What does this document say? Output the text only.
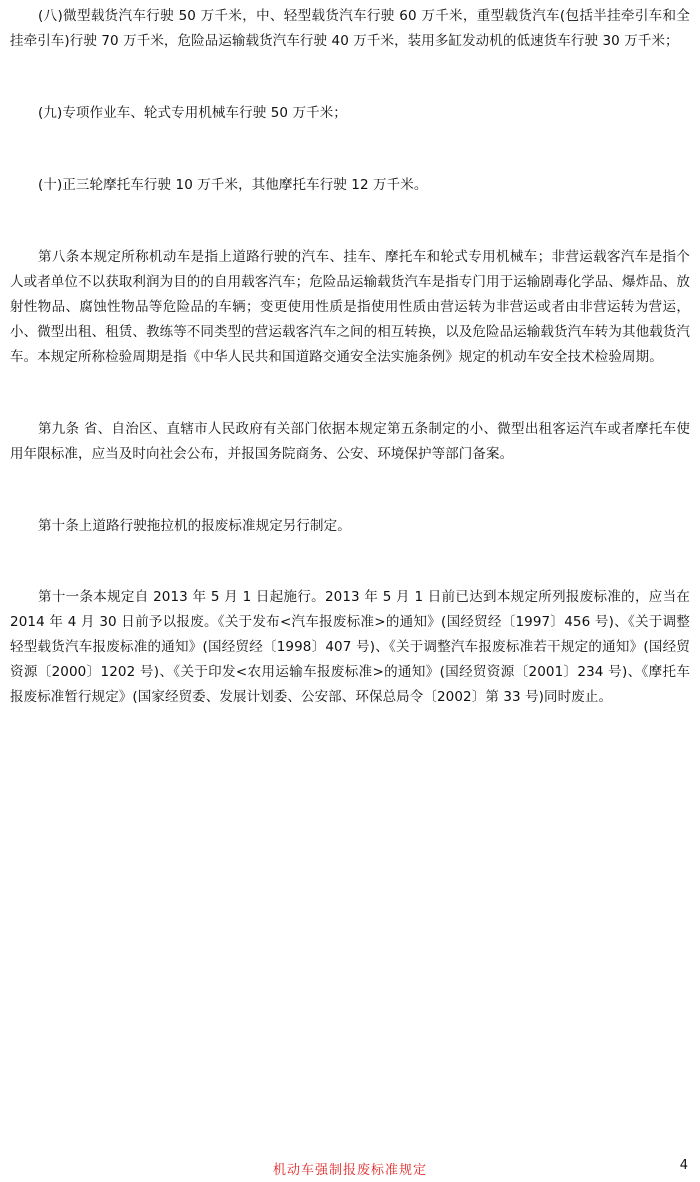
(八)微型载货汽车行驶 50 万千米，中、轻型载货汽车行驶 60 万千米，重型载货汽车(包括半挂牵引车和全挂牵引车)行驶 70 万千米，危险品运输载货汽车行驶 40 万千米，装用多缸发动机的低速货车行驶 30 万千米；

(九)专项作业车、轮式专用机械车行驶 50 万千米；

(十)正三轮摩托车行驶 10 万千米，其他摩托车行驶 12 万千米。

第八条本规定所称机动车是指上道路行驶的汽车、挂车、摩托车和轮式专用机械车；非营运载客汽车是指个人或者单位不以获取利润为目的的自用载客汽车；危险品运输载货汽车是指专门用于运输剧毒化学品、爆炸品、放射性物品、腐蚀性物品等危险品的车辆；变更使用性质是指使用性质由营运转为非营运或者由非营运转为营运，小、微型出租、租赁、教练等不同类型的营运载客汽车之间的相互转换，以及危险品运输载货汽车转为其他载货汽车。本规定所称检验周期是指《中华人民共和国道路交通安全法实施条例》规定的机动车安全技术检验周期。

第九条 省、自治区、直辖市人民政府有关部门依据本规定第五条制定的小、微型出租客运汽车或者摩托车使用年限标准，应当及时向社会公布，并报国务院商务、公安、环境保护等部门备案。

第十条上道路行驶拖拉机的报废标准规定另行制定。

第十一条本规定自 2013 年 5 月 1 日起施行。2013 年 5 月 1 日前已达到本规定所列报废标准的，应当在 2014 年 4 月 30 日前予以报废。《关于发布<汽车报废标准>的通知》(国经贸经〔1997〕456 号)、《关于调整轻型载货汽车报废标准的通知》(国经贸经〔1998〕407 号)、《关于调整汽车报废标准若干规定的通知》(国经贸资源〔2000〕1202 号)、《关于印发<农用运输车报废标准>的通知》(国经贸资源〔2001〕234 号)、《摩托车报废标准暂行规定》(国家经贸委、发展计划委、公安部、环保总局令〔2002〕第 33 号)同时废止。

机动车强制报废标准规定	4
